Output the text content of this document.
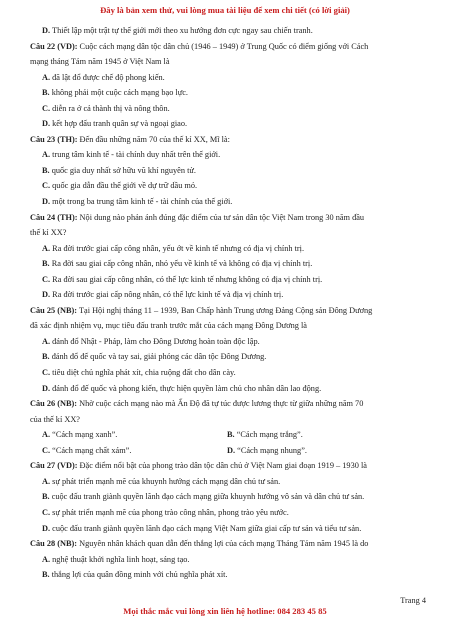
Đây là bản xem thử, vui lòng mua tài liệu để xem chi tiết (có lời giải)
D. Thiết lập một trật tự thế giới mới theo xu hướng đơn cực ngay sau chiến tranh.
Câu 22 (VD): Cuộc cách mạng dân tộc dân chủ (1946 – 1949) ở Trung Quốc có điểm giống với Cách
mạng tháng Tám năm 1945 ở Việt Nam là
A. đã lật đổ được chế độ phong kiến.
B. không phải một cuộc cách mạng bạo lực.
C. diễn ra ở cả thành thị và nông thôn.
D. kết hợp đấu tranh quân sự và ngoại giao.
Câu 23 (TH): Đến đầu những năm 70 của thế kỉ XX, Mĩ là:
A. trung tâm kinh tế - tài chính duy nhất trên thế giới.
B. quốc gia duy nhất sở hữu vũ khí nguyên tử.
C. quốc gia dẫn đầu thế giới về dự trữ dầu mỏ.
D. một trong ba trung tâm kinh tế - tài chính của thế giới.
Câu 24 (TH): Nội dung nào phản ánh đúng đặc điểm của tư sản dân tộc Việt Nam trong 30 năm đầu
thế kỉ XX?
A. Ra đời trước giai cấp công nhân, yếu ớt về kinh tế nhưng có địa vị chính trị.
B. Ra đời sau giai cấp công nhân, nhỏ yếu về kinh tế và không có địa vị chính trị.
C. Ra đời sau giai cấp công nhân, có thế lực kinh tế nhưng không có địa vị chính trị.
D. Ra đời trước giai cấp nông nhân, có thế lực kinh tế và địa vị chính trị.
Câu 25 (NB): Tại Hội nghị tháng 11 – 1939, Ban Chấp hành Trung ương Đảng Cộng sản Đông Dương
đã xác định nhiệm vụ, mục tiêu đấu tranh trước mắt của cách mạng Đông Dương là
A. đánh đổ Nhật - Pháp, làm cho Đông Dương hoàn toàn độc lập.
B. đánh đổ đế quốc và tay sai, giải phóng các dân tộc Đông Dương.
C. tiêu diệt chủ nghĩa phát xít, chia ruộng đất cho dân cày.
D. đánh đổ đế quốc và phong kiến, thực hiện quyền làm chủ cho nhân dân lao động.
Câu 26 (NB): Nhờ cuộc cách mạng nào mà Ấn Độ đã tự túc được lương thực từ giữa những năm 70
của thế kỉ XX?
A. “Cách mạng xanh”.	B. “Cách mạng trắng”.
C. “Cách mạng chất xám”.	D. “Cách mạng nhung”.
Câu 27 (VD): Đặc điểm nổi bật của phong trào dân tộc dân chủ ở Việt Nam giai đoạn 1919 – 1930 là
A. sự phát triển mạnh mẽ của khuynh hướng cách mạng dân chủ tư sản.
B. cuộc đấu tranh giành quyền lãnh đạo cách mạng giữa khuynh hướng vô sản và dân chủ tư sản.
C. sự phát triển mạnh mẽ của phong trào công nhân, phong trào yêu nước.
D. cuộc đấu tranh giành quyền lãnh đạo cách mạng Việt Nam giữa giai cấp tư sản và tiểu tư sản.
Câu 28 (NB): Nguyên nhân khách quan dẫn đến thắng lợi của cách mạng Tháng Tám năm 1945 là do
A. nghệ thuật khởi nghĩa linh hoạt, sáng tạo.
B. thắng lợi của quân đồng minh với chủ nghĩa phát xít.
Trang 4
Mọi thắc mắc vui lòng xin liên hệ hotline: 084 283 45 85
